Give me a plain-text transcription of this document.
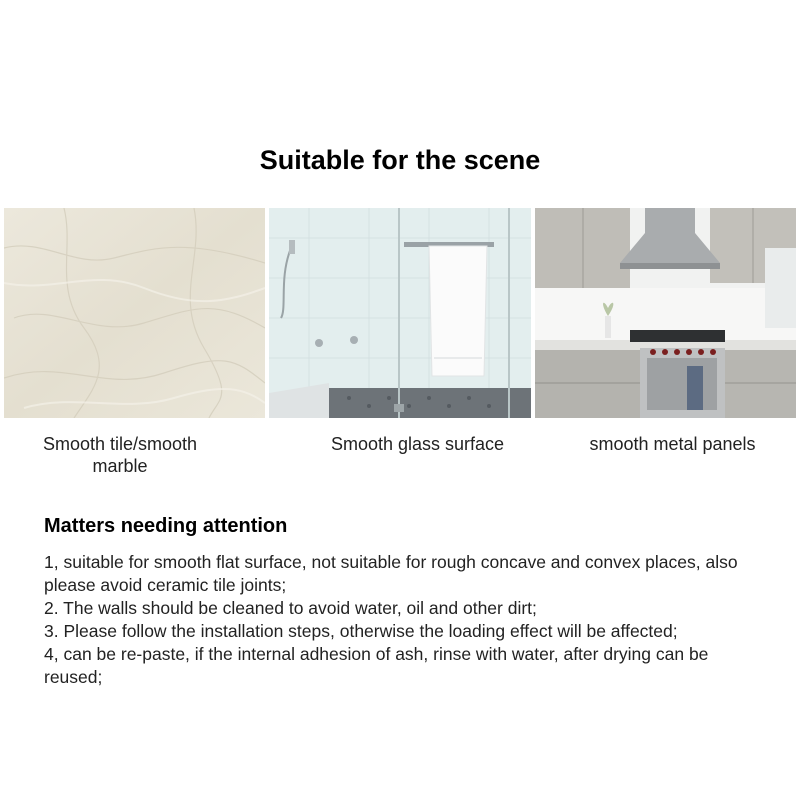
Suitable for the scene
Smooth tile/smooth marble
Smooth glass surface	smooth metal panels
Matters needing attention
1, suitable for smooth flat surface, not suitable for rough concave and convex places, also please avoid ceramic tile joints;
2. The walls should be cleaned to avoid water, oil and other dirt;
3. Please follow the installation steps, otherwise the loading effect will be affected;
4, can be re-paste, if the internal adhesion of ash, rinse with water, after drying can be reused;
